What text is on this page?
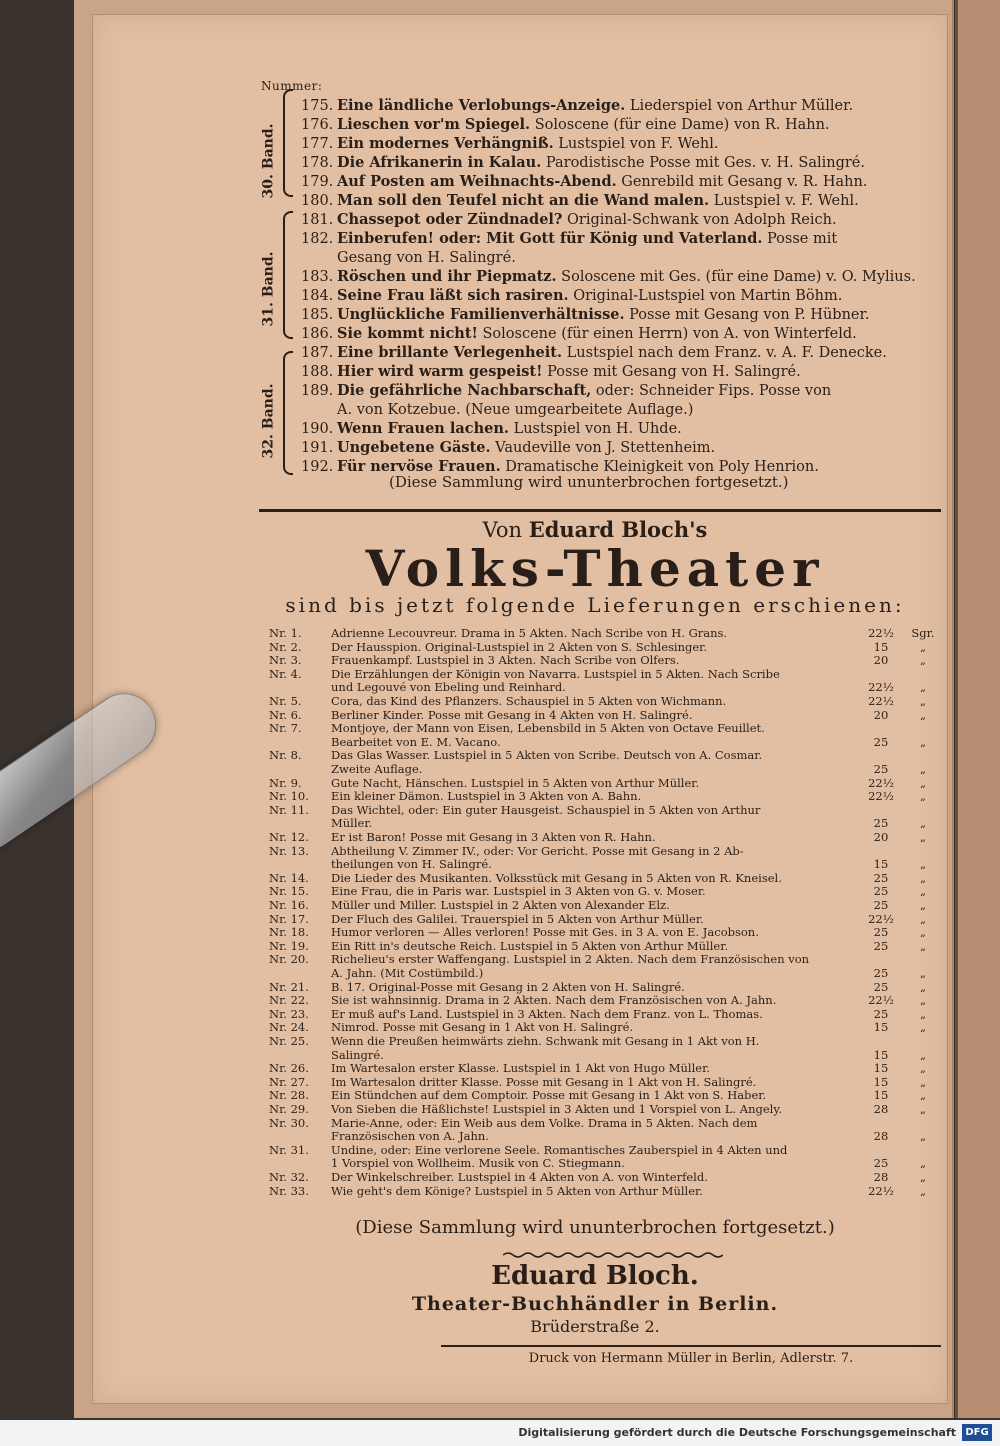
Nummer:
30. Band.
31. Band.
32. Band.
175. Eine ländliche Verlobungs-Anzeige. Liederspiel von Arthur Müller.
176. Lieschen vor'm Spiegel. Soloscene (für eine Dame) von R. Hahn.
177. Ein modernes Verhängniß. Lustspiel von F. Wehl.
178. Die Afrikanerin in Kalau. Parodistische Posse mit Ges. v. H. Salingré.
179. Auf Posten am Weihnachts-Abend. Genrebild mit Gesang v. R. Hahn.
180. Man soll den Teufel nicht an die Wand malen. Lustspiel v. F. Wehl.
181. Chassepot oder Zündnadel? Original-Schwank von Adolph Reich.
182. Einberufen! oder: Mit Gott für König und Vaterland. Posse mit
Gesang von H. Salingré.
183. Röschen und ihr Piepmatz. Soloscene mit Ges. (für eine Dame) v. O. Mylius.
184. Seine Frau läßt sich rasiren. Original-Lustspiel von Martin Böhm.
185. Unglückliche Familienverhältnisse. Posse mit Gesang von P. Hübner.
186. Sie kommt nicht! Soloscene (für einen Herrn) von A. von Winterfeld.
187. Eine brillante Verlegenheit. Lustspiel nach dem Franz. v. A. F. Denecke.
188. Hier wird warm gespeist! Posse mit Gesang von H. Salingré.
189. Die gefährliche Nachbarschaft, oder: Schneider Fips. Posse von
A. von Kotzebue. (Neue umgearbeitete Auflage.)
190. Wenn Frauen lachen. Lustspiel von H. Uhde.
191. Ungebetene Gäste. Vaudeville von J. Stettenheim.
192. Für nervöse Frauen. Dramatische Kleinigkeit von Poly Henrion.
(Diese Sammlung wird ununterbrochen fortgesetzt.)
Von Eduard Bloch's
Volks-Theater
sind bis jetzt folgende Lieferungen erschienen:
Nr. 1.	Adrienne Lecouvreur. Drama in 5 Akten. Nach Scribe von H. Grans.	22½ Sgr.
Nr. 2.	Der Hausspion. Original-Lustspiel in 2 Akten von S. Schlesinger.	15	„
Nr. 3.	Frauenkampf. Lustspiel in 3 Akten. Nach Scribe von Olfers.	20	„
Nr. 4.	Die Erzählungen der Königin von Navarra. Lustspiel in 5 Akten. Nach Scribe
und Legouvé von Ebeling und Reinhard.	22½ „
Nr. 5.	Cora, das Kind des Pflanzers. Schauspiel in 5 Akten von Wichmann.	22½ „
Nr. 6.	Berliner Kinder. Posse mit Gesang in 4 Akten von H. Salingré.	20	„
Nr. 7.	Montjoye, der Mann von Eisen, Lebensbild in 5 Akten von Octave Feuillet.
Bearbeitet von E. M. Vacano.	25	„
Nr. 8.	Das Glas Wasser. Lustspiel in 5 Akten von Scribe. Deutsch von A. Cosmar.
Zweite Auflage.	25	„
Nr. 9.	Gute Nacht, Hänschen. Lustspiel in 5 Akten von Arthur Müller.	22½ „
Nr. 10. Ein kleiner Dämon. Lustspiel in 3 Akten von A. Bahn.	22½ „
Nr. 11. Das Wichtel, oder: Ein guter Hausgeist. Schauspiel in 5 Akten von Arthur
Müller.	25	„
Nr. 12. Er ist Baron! Posse mit Gesang in 3 Akten von R. Hahn.	20	„
Nr. 13. Abtheilung V. Zimmer IV., oder: Vor Gericht. Posse mit Gesang in 2 Ab-
theilungen von H. Salingré.	15	„
Nr. 14. Die Lieder des Musikanten. Volksstück mit Gesang in 5 Akten von R. Kneisel.	25	„
Nr. 15. Eine Frau, die in Paris war. Lustspiel in 3 Akten von G. v. Moser.	25	„
Nr. 16. Müller und Miller. Lustspiel in 2 Akten von Alexander Elz.	25	„
Nr. 17. Der Fluch des Galilei. Trauerspiel in 5 Akten von Arthur Müller.	22½ „
Nr. 18. Humor verloren — Alles verloren! Posse mit Ges. in 3 A. von E. Jacobson.	25	„
Nr. 19. Ein Ritt in's deutsche Reich. Lustspiel in 5 Akten von Arthur Müller.	25	„
Nr. 20. Richelieu's erster Waffengang. Lustspiel in 2 Akten. Nach dem Französischen von
A. Jahn. (Mit Costümbild.)	25	„
Nr. 21. B. 17. Original-Posse mit Gesang in 2 Akten von H. Salingré.	25	„
Nr. 22. Sie ist wahnsinnig. Drama in 2 Akten. Nach dem Französischen von A. Jahn.	22½ „
Nr. 23. Er muß auf's Land. Lustspiel in 3 Akten. Nach dem Franz. von L. Thomas.	25	„
Nr. 24. Nimrod. Posse mit Gesang in 1 Akt von H. Salingré.	15	„
Nr. 25. Wenn die Preußen heimwärts ziehn. Schwank mit Gesang in 1 Akt von H.
Salingré.	15	„
Nr. 26. Im Wartesalon erster Klasse. Lustspiel in 1 Akt von Hugo Müller.	15	„
Nr. 27. Im Wartesalon dritter Klasse. Posse mit Gesang in 1 Akt von H. Salingré.	15	„
Nr. 28. Ein Stündchen auf dem Comptoir. Posse mit Gesang in 1 Akt von S. Haber.	15	„
Nr. 29. Von Sieben die Häßlichste! Lustspiel in 3 Akten und 1 Vorspiel von L. Angely.	28	„
Nr. 30. Marie-Anne, oder: Ein Weib aus dem Volke. Drama in 5 Akten. Nach dem
Französischen von A. Jahn.	28	„
Nr. 31. Undine, oder: Eine verlorene Seele. Romantisches Zauberspiel in 4 Akten und
1 Vorspiel von Wollheim. Musik von C. Stiegmann.	25	„
Nr. 32. Der Winkelschreiber. Lustspiel in 4 Akten von A. von Winterfeld.	28	„
Nr. 33. Wie geht's dem Könige? Lustspiel in 5 Akten von Arthur Müller.	22½ „
(Diese Sammlung wird ununterbrochen fortgesetzt.)
Eduard Bloch.
Theater-Buchhändler in Berlin.
Brüderstraße 2.
Druck von Hermann Müller in Berlin, Adlerstr. 7.
Digitalisierung gefördert durch die Deutsche Forschungsgemeinschaft DFG
